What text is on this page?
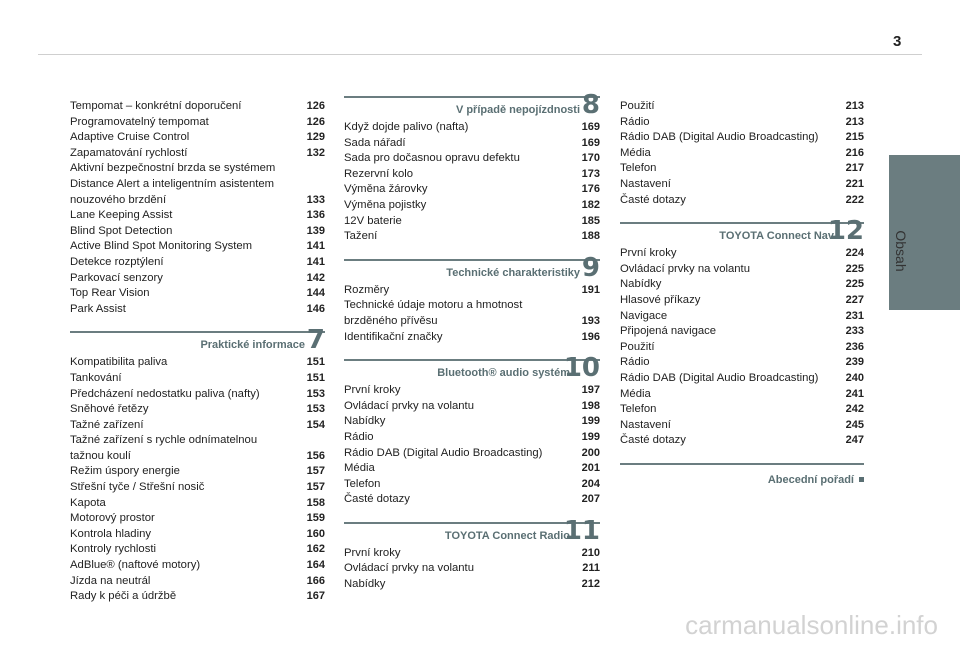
3
Obsah
Tempomat – konkrétní doporučení	126
Programovatelný tempomat	126
Adaptive Cruise Control	129
Zapamatování rychlostí	132
Aktivní bezpečnostní brzda se systémem
Distance Alert a inteligentním asistentem
nouzového brzdění	133
Lane Keeping Assist	136
Blind Spot Detection	139
Active Blind Spot Monitoring System	141
Detekce rozptýlení	141
Parkovací senzory	142
Top Rear Vision	144
Park Assist	146
Praktické informace 7
Kompatibilita paliva	151
Tankování	151
Předcházení nedostatku paliva (nafty)	153
Sněhové řetězy	153
Tažné zařízení	154
Tažné zařízení s rychle odnímatelnou
tažnou koulí	156
Režim úspory energie	157
Střešní tyče / Střešní nosič	157
Kapota	158
Motorový prostor	159
Kontrola hladiny	160
Kontroly rychlosti	162
AdBlue® (naftové motory)	164
Jízda na neutrál	166
Rady k péči a údržbě	167
V případě nepojízdnosti 8
Když dojde palivo (nafta)	169
Sada nářadí	169
Sada pro dočasnou opravu defektu	170
Rezervní kolo	173
Výměna žárovky	176
Výměna pojistky	182
12V baterie	185
Tažení	188
Technické charakteristiky 9
Rozměry	191
Technické údaje motoru a hmotnost
brzděného přívěsu	193
Identifikační značky	196
Bluetooth® audio systém
10
První kroky	197
Ovládací prvky na volantu	198
Nabídky	199
Rádio	199
Rádio DAB (Digital Audio Broadcasting)	200
Média	201
Telefon	204
Časté dotazy	207
TOYOTA Connect Radio
11
První kroky	210
Ovládací prvky na volantu	211
Nabídky	212
Použití	213
Rádio	213
Rádio DAB (Digital Audio Broadcasting) 215
Média	216
Telefon	217
Nastavení	221
Časté dotazy	222
TOYOTA Connect Nav
12
První kroky	224
Ovládací prvky na volantu	225
Nabídky	225
Hlasové příkazy	227
Navigace	231
Připojená navigace	233
Použití	236
Rádio	239
Rádio DAB (Digital Audio Broadcasting) 240
Média	241
Telefon	242
Nastavení	245
Časté dotazy	247
Abecední pořadí
carmanualsonline.info
